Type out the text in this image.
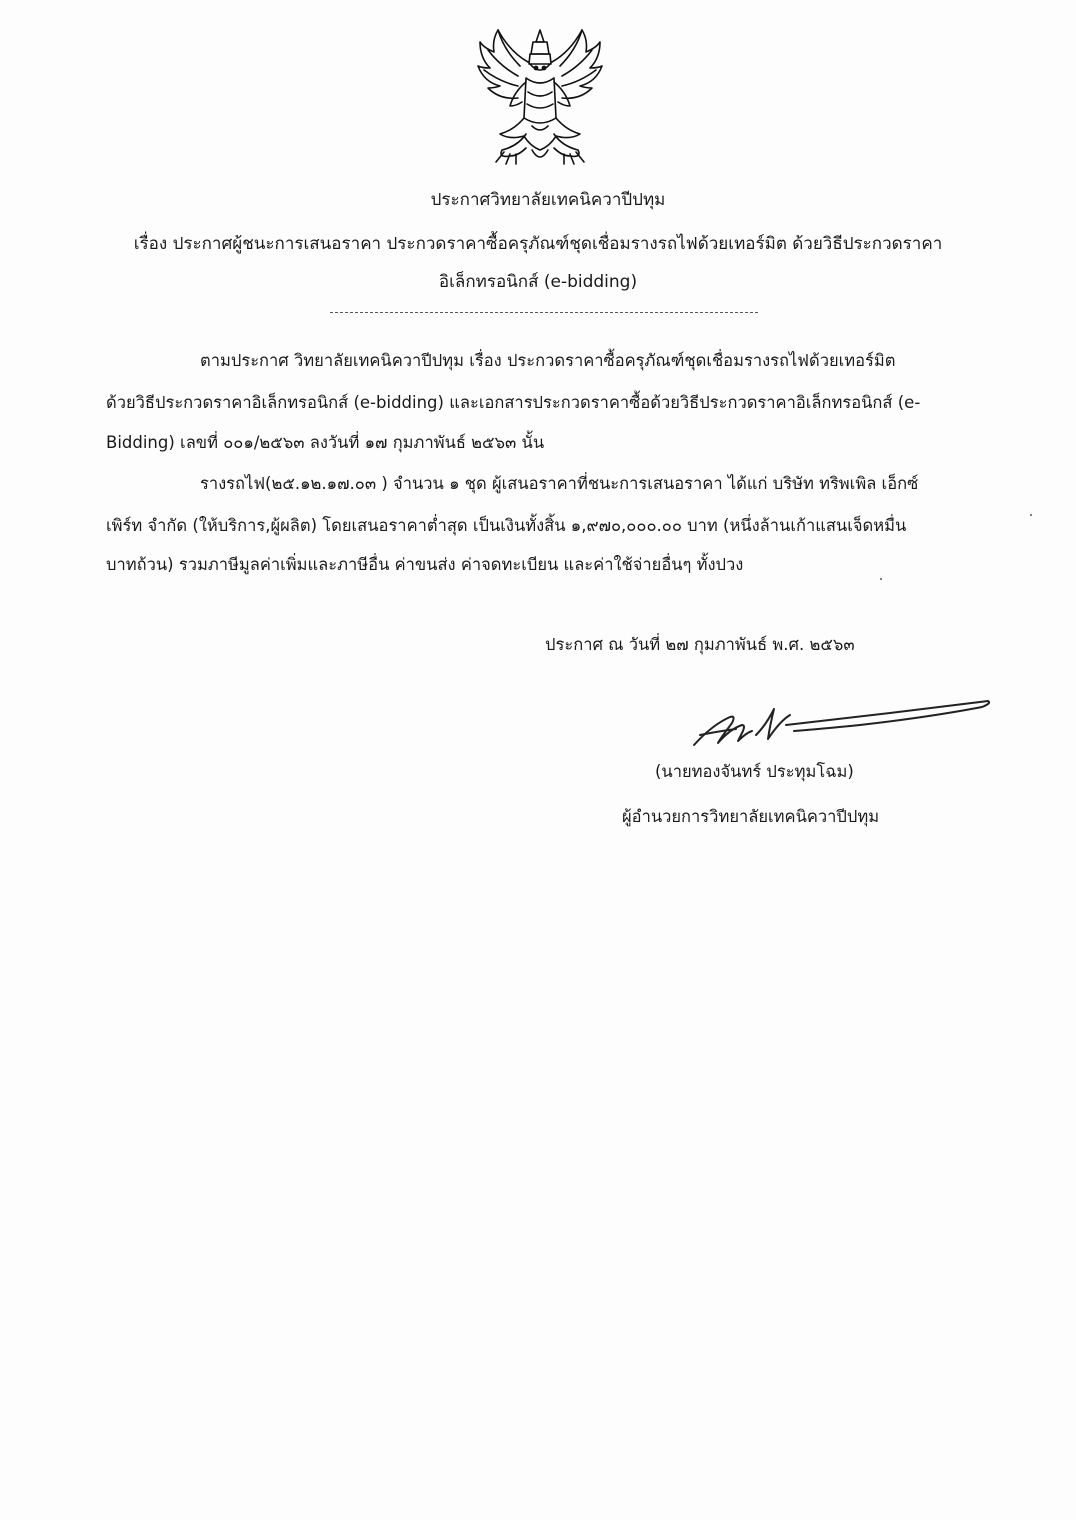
ประกาศวิทยาลัยเทคนิควาปีปทุม
เรื่อง ประกาศผู้ชนะการเสนอราคา ประกวดราคาซื้อครุภัณฑ์ชุดเชื่อมรางรถไฟด้วยเทอร์มิต ด้วยวิธีประกวดราคา
อิเล็กทรอนิกส์ (e-bidding)
ตามประกาศ วิทยาลัยเทคนิควาปีปทุม เรื่อง ประกวดราคาซื้อครุภัณฑ์ชุดเชื่อมรางรถไฟด้วยเทอร์มิต
ด้วยวิธีประกวดราคาอิเล็กทรอนิกส์ (e-bidding) และเอกสารประกวดราคาซื้อด้วยวิธีประกวดราคาอิเล็กทรอนิกส์ (e-
Bidding) เลขที่ ๐๐๑/๒๕๖๓ ลงวันที่ ๑๗ กุมภาพันธ์ ๒๕๖๓ นั้น
รางรถไฟ(๒๕.๑๒.๑๗.๐๓ ) จำนวน ๑ ชุด ผู้เสนอราคาที่ชนะการเสนอราคา ได้แก่ บริษัท ทริพเพิล เอ็กซ์
เพิร์ท จำกัด (ให้บริการ,ผู้ผลิต) โดยเสนอราคาต่ำสุด เป็นเงินทั้งสิ้น ๑,๙๗๐,๐๐๐.๐๐ บาท (หนึ่งล้านเก้าแสนเจ็ดหมื่น
บาทถ้วน) รวมภาษีมูลค่าเพิ่มและภาษีอื่น ค่าขนส่ง ค่าจดทะเบียน และค่าใช้จ่ายอื่นๆ ทั้งปวง
ประกาศ ณ วันที่ ๒๗ กุมภาพันธ์ พ.ศ. ๒๕๖๓
(นายทองจันทร์ ประทุมโฉม)
ผู้อำนวยการวิทยาลัยเทคนิควาปีปทุม
